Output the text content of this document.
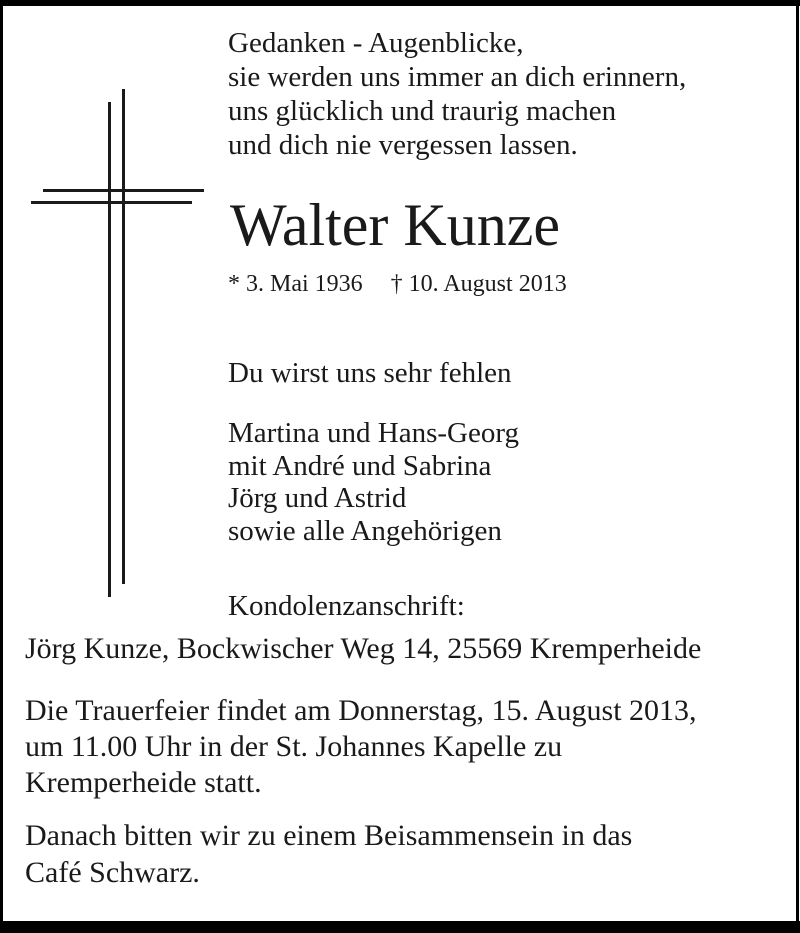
Gedanken - Augenblicke,
sie werden uns immer an dich erinnern,
uns glücklich und traurig machen
und dich nie vergessen lassen.
Walter Kunze
* 3. Mai 1936 † 10. August 2013
Du wirst uns sehr fehlen
Martina und Hans-Georg
mit André und Sabrina
Jörg und Astrid
sowie alle Angehörigen
Kondolenzanschrift:
Jörg Kunze, Bockwischer Weg 14, 25569 Kremperheide
Die Trauerfeier findet am Donnerstag, 15. August 2013,
um 11.00 Uhr in der St. Johannes Kapelle zu
Kremperheide statt.
Danach bitten wir zu einem Beisammensein in das
Café Schwarz.
